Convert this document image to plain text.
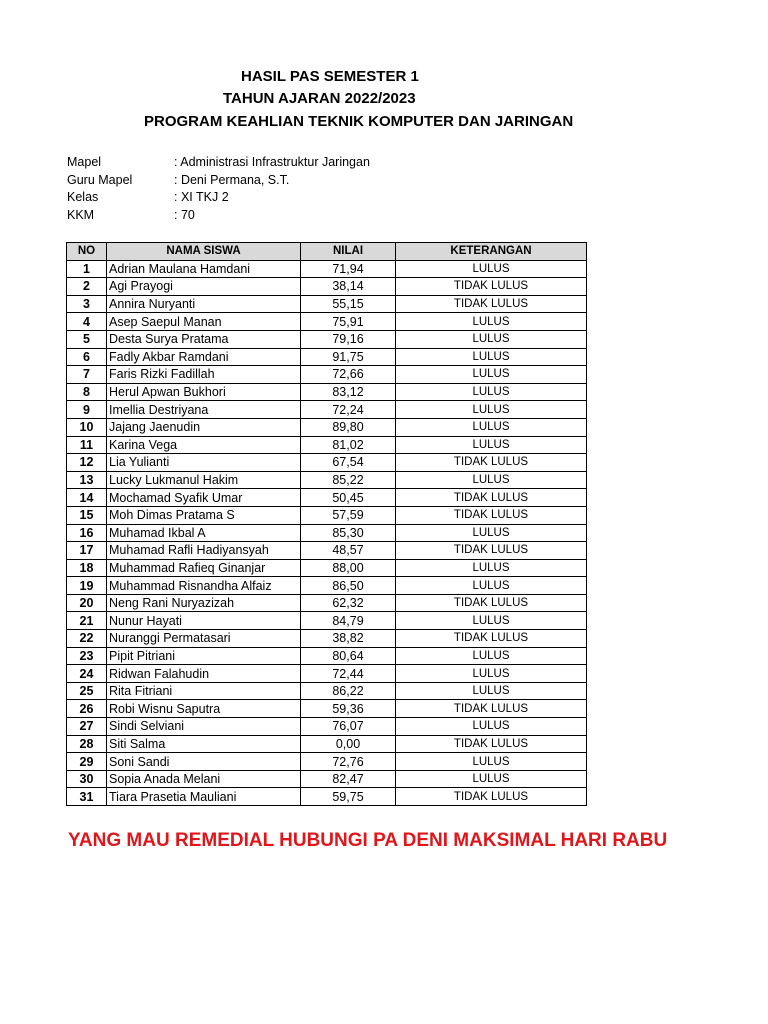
HASIL PAS SEMESTER 1
TAHUN AJARAN 2022/2023
PROGRAM KEAHLIAN TEKNIK KOMPUTER DAN JARINGAN
Mapel	: Administrasi Infrastruktur Jaringan
Guru Mapel	: Deni Permana, S.T.
Kelas	: XI TKJ 2
KKM	: 70
NO	NAMA SISWA	NILAI	KETERANGAN
1	Adrian Maulana Hamdani	71,94	LULUS
2	Agi Prayogi	38,14	TIDAK LULUS
3	Annira Nuryanti	55,15	TIDAK LULUS
4	Asep Saepul Manan	75,91	LULUS
5	Desta Surya Pratama	79,16	LULUS
6	Fadly Akbar Ramdani	91,75	LULUS
7	Faris Rizki Fadillah	72,66	LULUS
8	Herul Apwan Bukhori	83,12	LULUS
9	Imellia Destriyana	72,24	LULUS
10	Jajang Jaenudin	89,80	LULUS
11	Karina Vega	81,02	LULUS
12	Lia Yulianti	67,54	TIDAK LULUS
13	Lucky Lukmanul Hakim	85,22	LULUS
14	Mochamad Syafik Umar	50,45	TIDAK LULUS
15	Moh Dimas Pratama S	57,59	TIDAK LULUS
16	Muhamad Ikbal A	85,30	LULUS
17	Muhamad Rafli Hadiyansyah	48,57	TIDAK LULUS
18	Muhammad Rafieq Ginanjar	88,00	LULUS
19	Muhammad Risnandha Alfaiz	86,50	LULUS
20	Neng Rani Nuryazizah	62,32	TIDAK LULUS
21	Nunur Hayati	84,79	LULUS
22	Nuranggi Permatasari	38,82	TIDAK LULUS
23	Pipit Pitriani	80,64	LULUS
24	Ridwan Falahudin	72,44	LULUS
25	Rita Fitriani	86,22	LULUS
26	Robi Wisnu Saputra	59,36	TIDAK LULUS
27	Sindi Selviani	76,07	LULUS
28	Siti Salma	0,00	TIDAK LULUS
29	Soni Sandi	72,76	LULUS
30	Sopia Anada Melani	82,47	LULUS
31	Tiara Prasetia Mauliani	59,75	TIDAK LULUS
YANG MAU REMEDIAL HUBUNGI PA DENI MAKSIMAL HARI RABU
